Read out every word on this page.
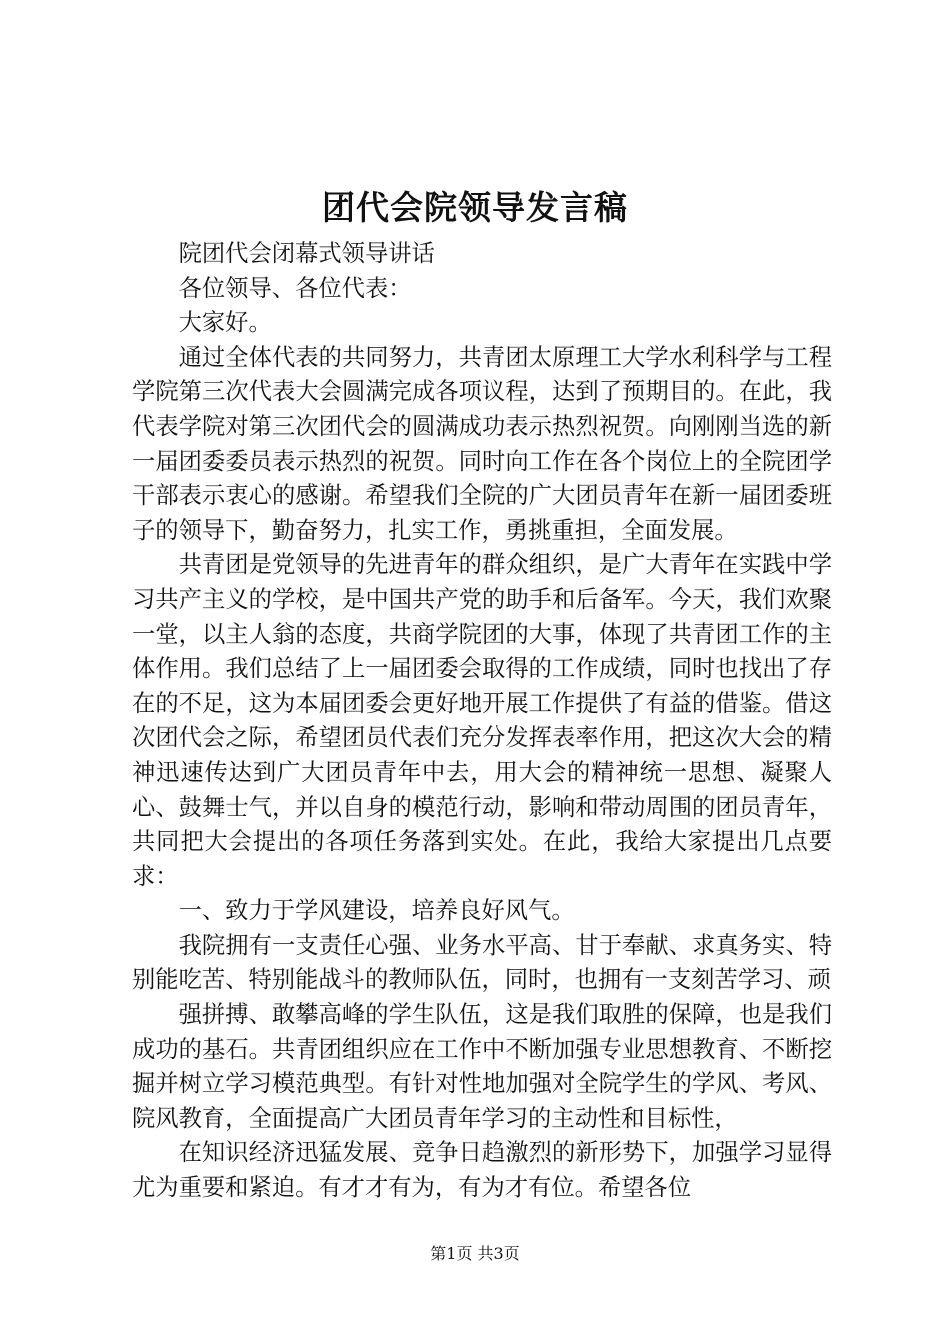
团代会院领导发言稿

院团代会闭幕式领导讲话

各位领导、各位代表：

大家好。

通过全体代表的共同努力，共青团太原理工大学水利科学与工程学院第三次代表大会圆满完成各项议程，达到了预期目的。在此，我代表学院对第三次团代会的圆满成功表示热烈祝贺。向刚刚当选的新一届团委委员表示热烈的祝贺。同时向工作在各个岗位上的全院团学干部表示衷心的感谢。希望我们全院的广大团员青年在新一届团委班子的领导下，勤奋努力，扎实工作，勇挑重担，全面发展。

共青团是党领导的先进青年的群众组织，是广大青年在实践中学习共产主义的学校，是中国共产党的助手和后备军。今天，我们欢聚一堂，以主人翁的态度，共商学院团的大事，体现了共青团工作的主体作用。我们总结了上一届团委会取得的工作成绩，同时也找出了存在的不足，这为本届团委会更好地开展工作提供了有益的借鉴。借这次团代会之际，希望团员代表们充分发挥表率作用，把这次大会的精神迅速传达到广大团员青年中去，用大会的精神统一思想、凝聚人心、鼓舞士气，并以自身的模范行动，影响和带动周围的团员青年，共同把大会提出的各项任务落到实处。在此，我给大家提出几点要求：

一、致力于学风建设，培养良好风气。

我院拥有一支责任心强、业务水平高、甘于奉献、求真务实、特别能吃苦、特别能战斗的教师队伍，同时，也拥有一支刻苦学习、顽

强拼搏、敢攀高峰的学生队伍，这是我们取胜的保障，也是我们成功的基石。共青团组织应在工作中不断加强专业思想教育、不断挖掘并树立学习模范典型。有针对性地加强对全院学生的学风、考风、院风教育，全面提高广大团员青年学习的主动性和目标性，

在知识经济迅猛发展、竞争日趋激烈的新形势下，加强学习显得尤为重要和紧迫。有才才有为，有为才有位。希望各位

第1页 共3页
